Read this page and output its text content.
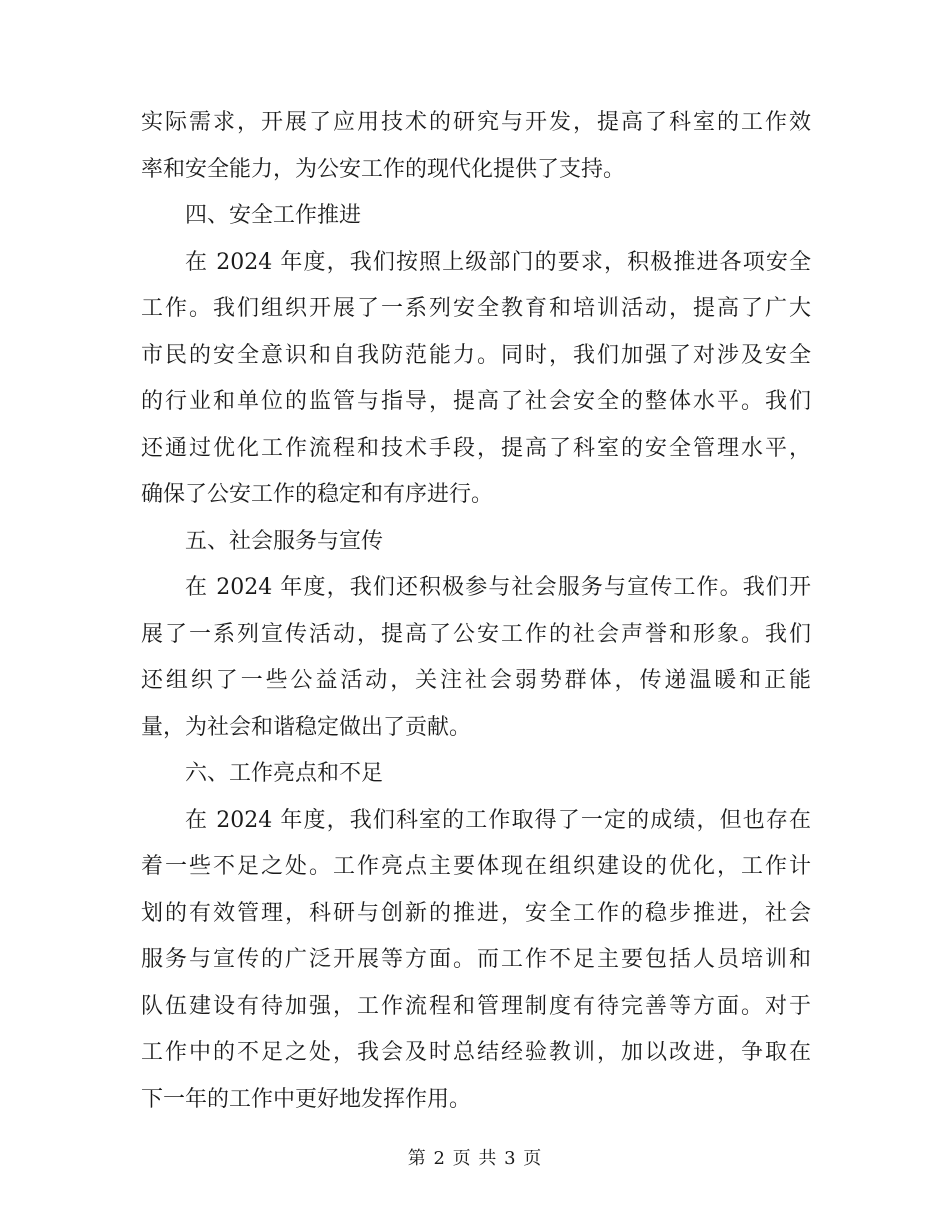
实际需求，开展了应用技术的研究与开发，提高了科室的工作效
率和安全能力，为公安工作的现代化提供了支持。
四、安全工作推进
在 2024 年度，我们按照上级部门的要求，积极推进各项安全
工作。我们组织开展了一系列安全教育和培训活动，提高了广大
市民的安全意识和自我防范能力。同时，我们加强了对涉及安全
的行业和单位的监管与指导，提高了社会安全的整体水平。我们
还通过优化工作流程和技术手段，提高了科室的安全管理水平，
确保了公安工作的稳定和有序进行。
五、社会服务与宣传
在 2024 年度，我们还积极参与社会服务与宣传工作。我们开
展了一系列宣传活动，提高了公安工作的社会声誉和形象。我们
还组织了一些公益活动，关注社会弱势群体，传递温暖和正能
量，为社会和谐稳定做出了贡献。
六、工作亮点和不足
在 2024 年度，我们科室的工作取得了一定的成绩，但也存在
着一些不足之处。工作亮点主要体现在组织建设的优化，工作计
划的有效管理，科研与创新的推进，安全工作的稳步推进，社会
服务与宣传的广泛开展等方面。而工作不足主要包括人员培训和
队伍建设有待加强，工作流程和管理制度有待完善等方面。对于
工作中的不足之处，我会及时总结经验教训，加以改进，争取在
下一年的工作中更好地发挥作用。
第 2 页 共 3 页
